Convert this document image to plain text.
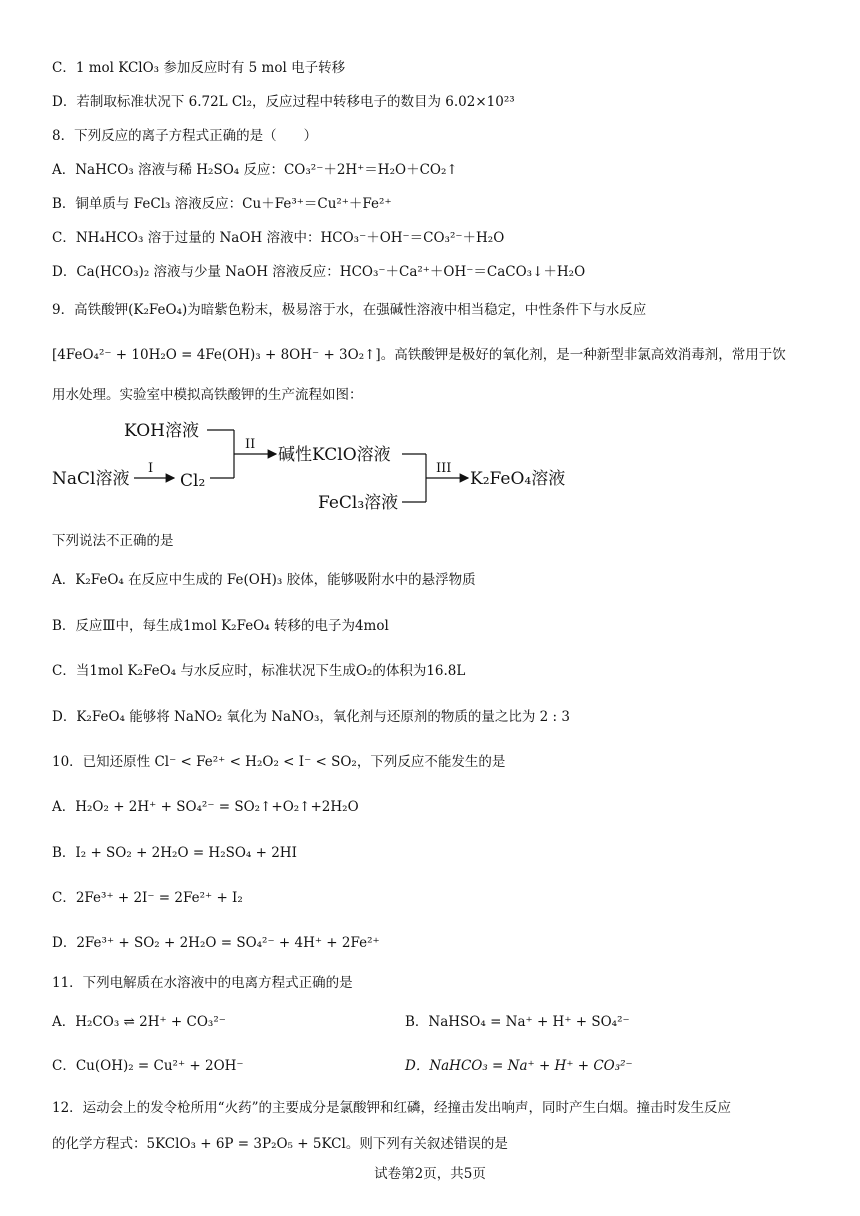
C．1 mol KClO₃ 参加反应时有 5 mol 电子转移
D．若制取标准状况下 6.72L Cl₂，反应过程中转移电子的数目为 6.02×10²³
8．下列反应的离子方程式正确的是（　　）
A．NaHCO₃ 溶液与稀 H₂SO₄ 反应：CO₃²⁻＋2H⁺＝H₂O＋CO₂↑
B．铜单质与 FeCl₃ 溶液反应：Cu＋Fe³⁺＝Cu²⁺＋Fe²⁺
C．NH₄HCO₃ 溶于过量的 NaOH 溶液中：HCO₃⁻＋OH⁻＝CO₃²⁻＋H₂O
D．Ca(HCO₃)₂ 溶液与少量 NaOH 溶液反应：HCO₃⁻＋Ca²⁺＋OH⁻＝CaCO₃↓＋H₂O
9．高铁酸钾(K₂FeO₄)为暗紫色粉末，极易溶于水，在强碱性溶液中相当稳定，中性条件下与水反应
[4FeO₄²⁻ + 10H₂O = 4Fe(OH)₃ + 8OH⁻ + 3O₂↑]。高铁酸钾是极好的氧化剂，是一种新型非氯高效消毒剂，常用于饮
用水处理。实验室中模拟高铁酸钾的生产流程如图：
KOH溶液
NaCl溶液
I
Cl₂
II
碱性KClO溶液
FeCl₃溶液
III
K₂FeO₄溶液
下列说法不正确的是
A．K₂FeO₄ 在反应中生成的 Fe(OH)₃ 胶体，能够吸附水中的悬浮物质
B．反应Ⅲ中，每生成1mol K₂FeO₄ 转移的电子为4mol
C．当1mol K₂FeO₄ 与水反应时，标准状况下生成O₂的体积为16.8L
D．K₂FeO₄ 能够将 NaNO₂ 氧化为 NaNO₃，氧化剂与还原剂的物质的量之比为 2 : 3
10．已知还原性 Cl⁻ < Fe²⁺ < H₂O₂ < I⁻ < SO₂，下列反应不能发生的是
A．H₂O₂ + 2H⁺ + SO₄²⁻ = SO₂↑+O₂↑+2H₂O
B．I₂ + SO₂ + 2H₂O = H₂SO₄ + 2HI
C．2Fe³⁺ + 2I⁻ = 2Fe²⁺ + I₂
D．2Fe³⁺ + SO₂ + 2H₂O = SO₄²⁻ + 4H⁺ + 2Fe²⁺
11．下列电解质在水溶液中的电离方程式正确的是
A．H₂CO₃ ⇌ 2H⁺ + CO₃²⁻	B．NaHSO₄ = Na⁺ + H⁺ + SO₄²⁻
C．Cu(OH)₂ = Cu²⁺ + 2OH⁻	D．NaHCO₃ = Na⁺ + H⁺ + CO₃²⁻
12．运动会上的发令枪所用“火药”的主要成分是氯酸钾和红磷，经撞击发出响声，同时产生白烟。撞击时发生反应
的化学方程式：5KClO₃ + 6P = 3P₂O₅ + 5KCl。则下列有关叙述错误的是
试卷第2页，共5页
